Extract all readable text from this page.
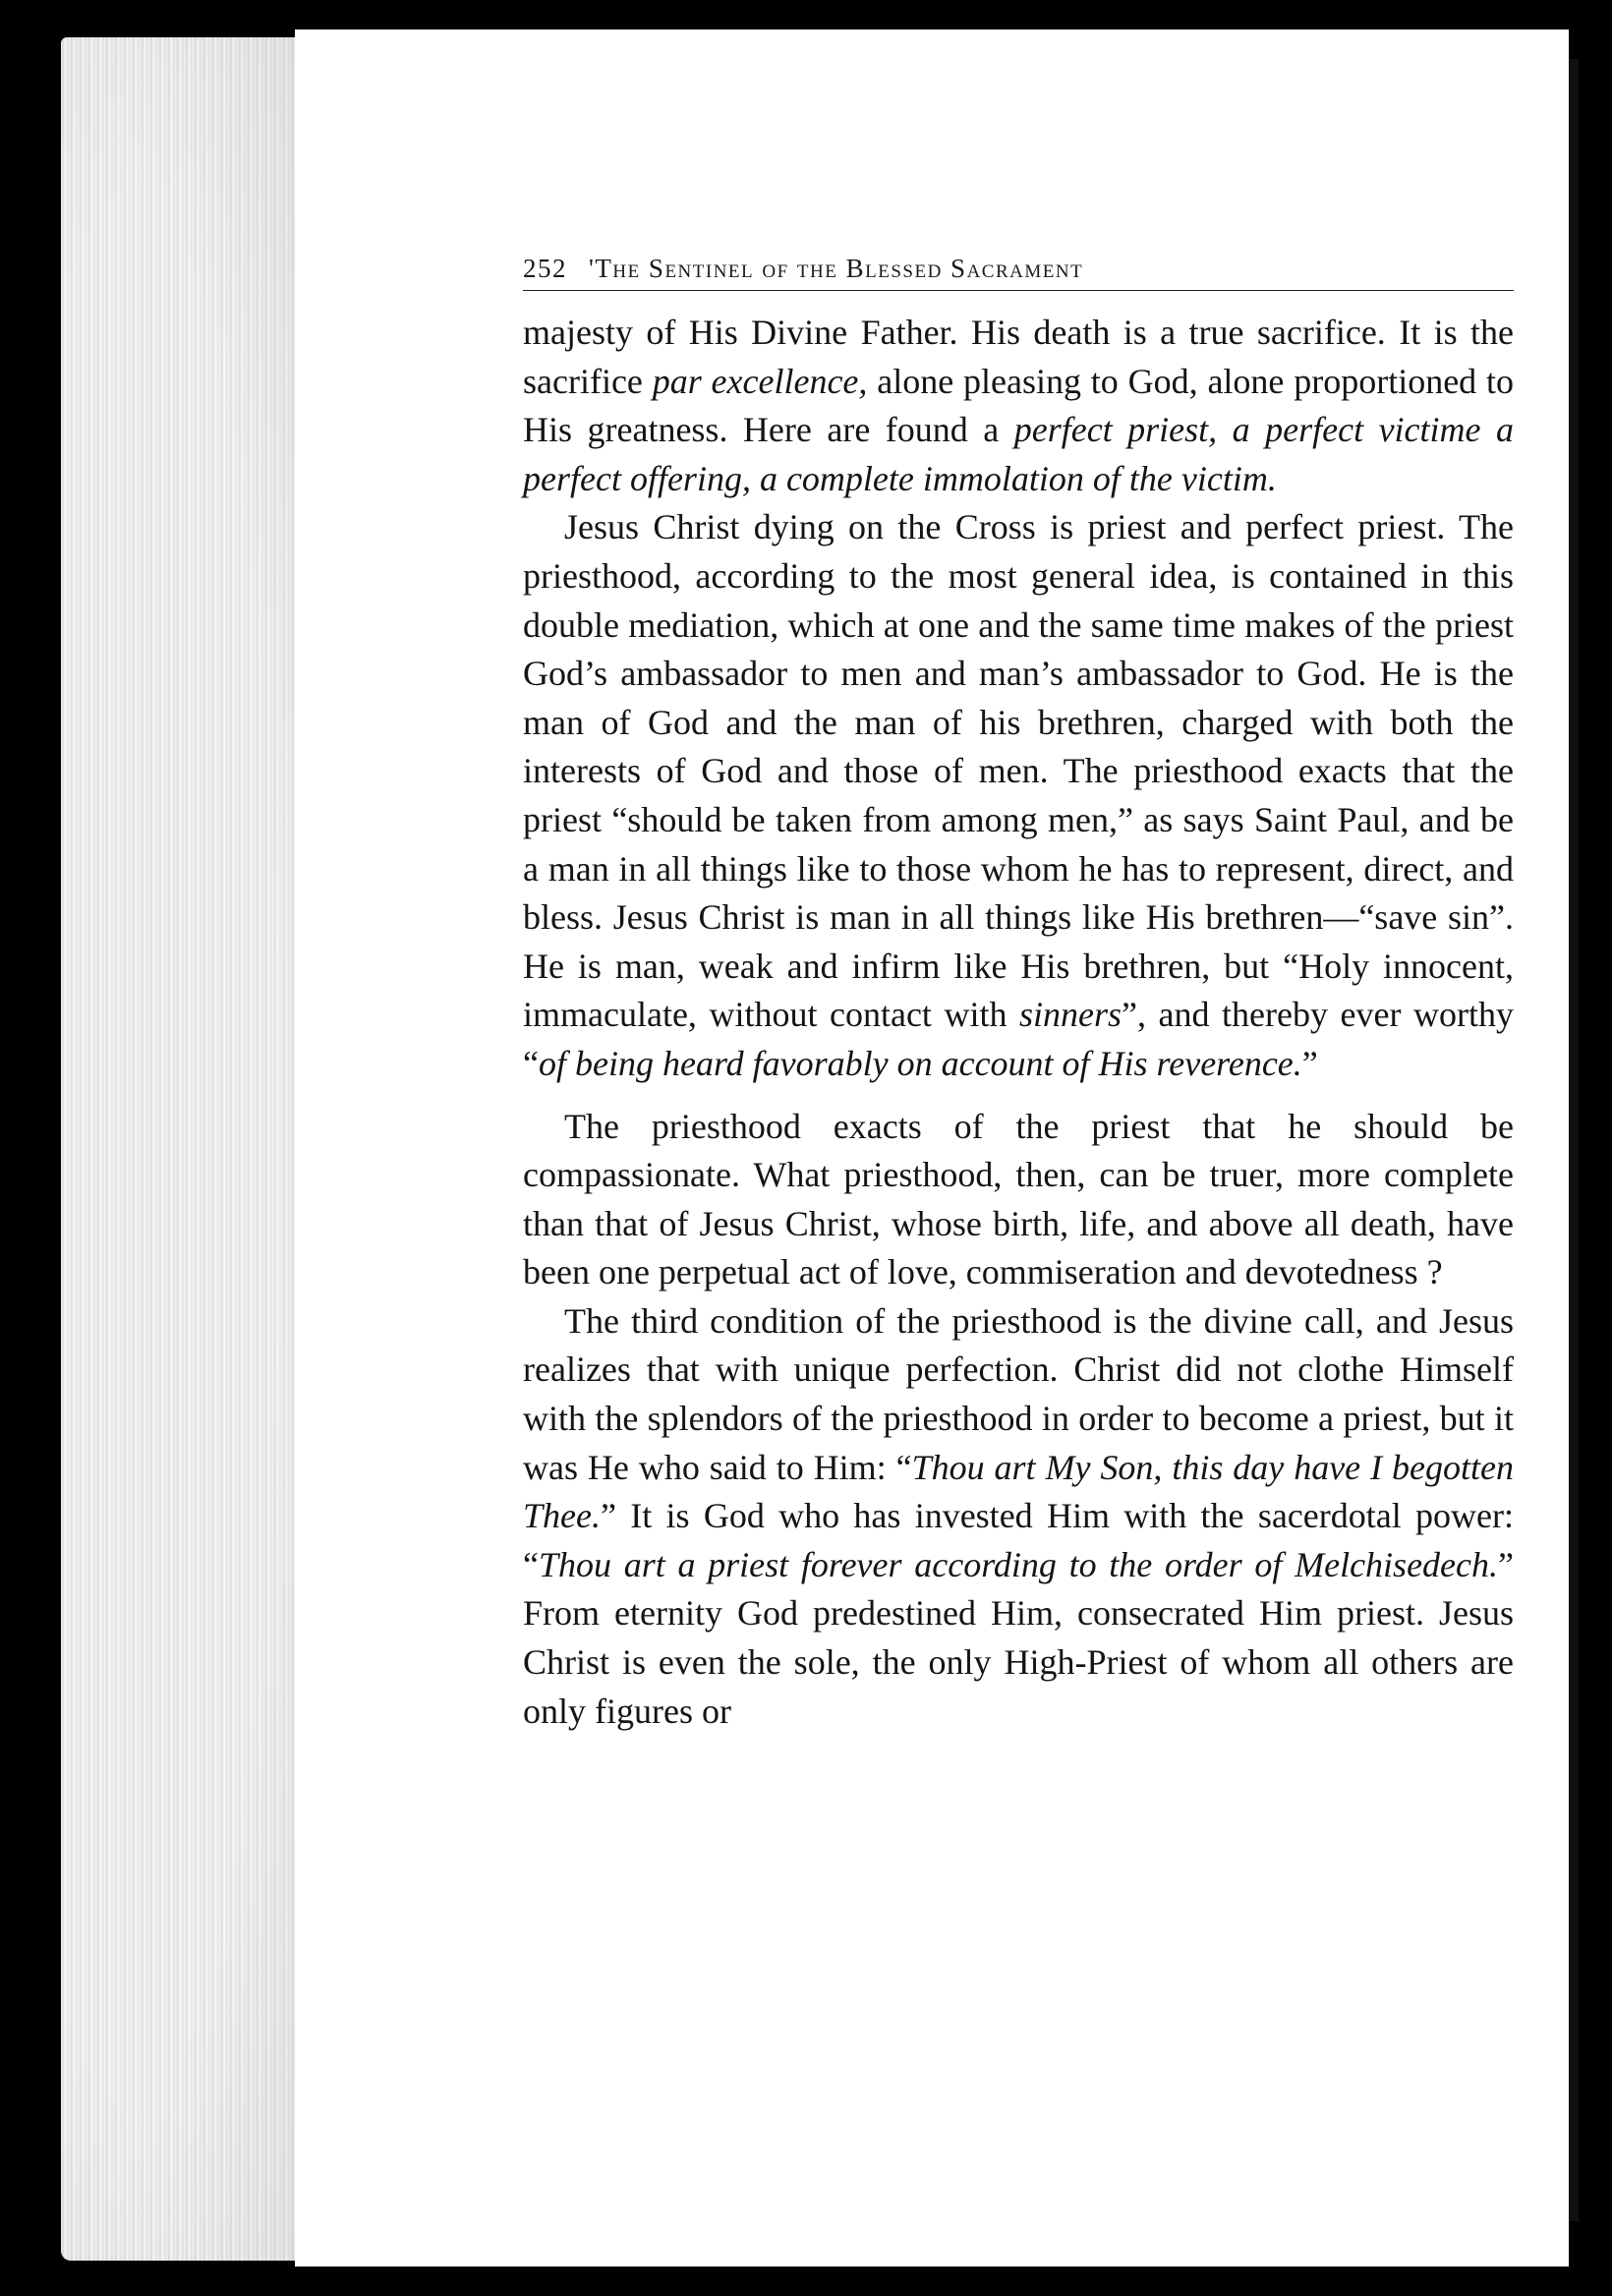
252 'The Sentinel of the Blessed Sacrament

majesty of His Divine Father. His death is a true sacrifice. It is the sacrifice par excellence, alone pleasing to God, alone proportioned to His greatness. Here are found a perfect priest, a perfect victime a perfect offering, a complete immolation of the victim.

Jesus Christ dying on the Cross is priest and perfect priest. The priesthood, according to the most general idea, is contained in this double mediation, which at one and the same time makes of the priest God’s ambassador to men and man’s ambassador to God. He is the man of God and the man of his brethren, charged with both the interests of God and those of men. The priesthood exacts that the priest “should be taken from among men,” as says Saint Paul, and be a man in all things like to those whom he has to represent, direct, and bless. Jesus Christ is man in all things like His brethren—“save sin”. He is man, weak and infirm like His brethren, but “Holy innocent, immaculate, without contact with sinners”, and thereby ever worthy “of being heard favorably on account of His reverence.”

The priesthood exacts of the priest that he should be compassionate. What priesthood, then, can be truer, more complete than that of Jesus Christ, whose birth, life, and above all death, have been one perpetual act of love, commiseration and devotedness ?

The third condition of the priesthood is the divine call, and Jesus realizes that with unique perfection. Christ did not clothe Himself with the splendors of the priesthood in order to become a priest, but it was He who said to Him: “Thou art My Son, this day have I begotten Thee.” It is God who has invested Him with the sacerdotal power: “Thou art a priest forever according to the order of Melchisedech.” From eternity God predestined Him, consecrated Him priest. Jesus Christ is even the sole, the only High-Priest of whom all others are only figures or
